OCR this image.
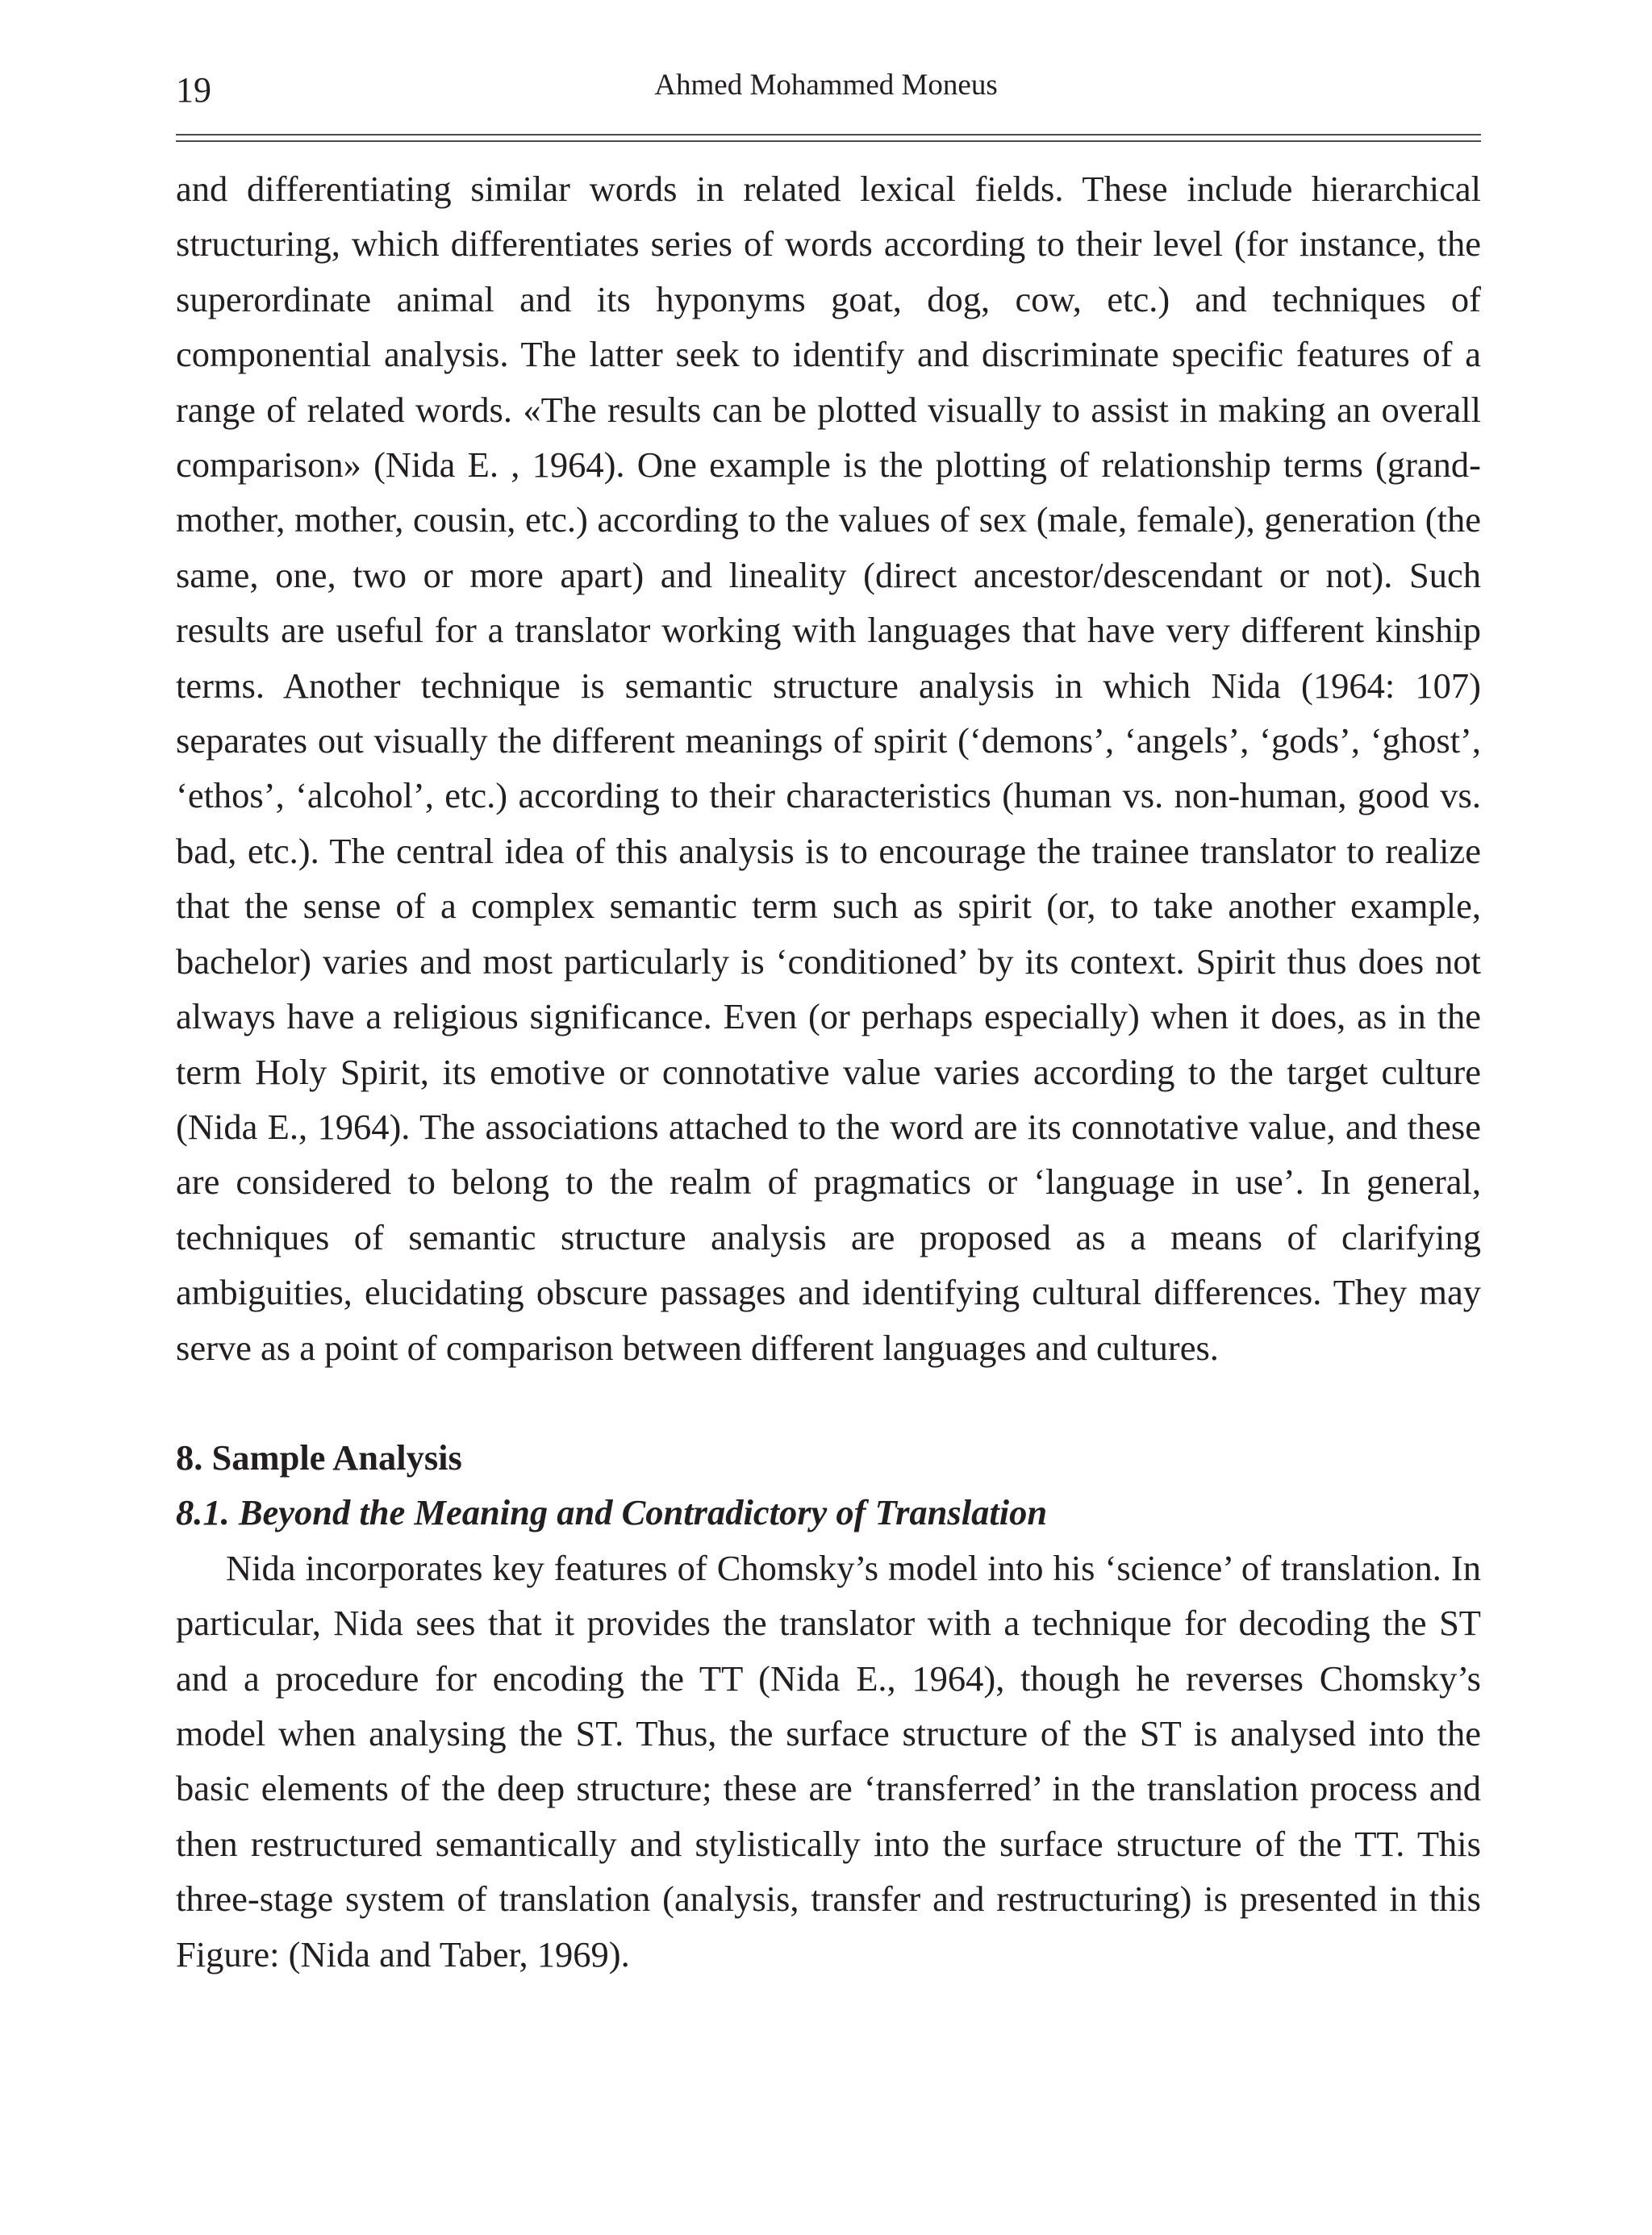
19	Ahmed Mohammed Moneus

and differentiating similar words in related lexical fields. These include hierarchical structuring, which differentiates series of words according to their level (for instance, the superordinate animal and its hyponyms goat, dog, cow, etc.) and techniques of componential analysis. The latter seek to identify and discriminate specific features of a range of related words. «The results can be plotted visually to assist in making an overall comparison» (Nida E. , 1964). One example is the plotting of relationship terms (grand-mother, mother, cousin, etc.) according to the values of sex (male, female), generation (the same, one, two or more apart) and lineality (direct ancestor/descendant or not). Such results are useful for a translator working with languages that have very different kinship terms. Another technique is semantic structure analysis in which Nida (1964: 107) separates out visually the different meanings of spirit (‘demons’, ‘angels’, ‘gods’, ‘ghost’, ‘ethos’, ‘alcohol’, etc.) according to their characteristics (human vs. non-human, good vs. bad, etc.). The central idea of this analysis is to encourage the trainee translator to realize that the sense of a complex semantic term such as spirit (or, to take another example, bachelor) varies and most particularly is ‘conditioned’ by its context. Spirit thus does not always have a religious significance. Even (or perhaps especially) when it does, as in the term Holy Spirit, its emotive or connotative value varies according to the target culture (Nida E., 1964). The associations attached to the word are its connotative value, and these are considered to belong to the realm of pragmatics or ‘language in use’. In general, techniques of semantic structure analysis are proposed as a means of clarifying ambiguities, elucidating obscure passages and identifying cultural differences. They may serve as a point of comparison between different languages and cultures.

8. Sample Analysis
8.1. Beyond the Meaning and Contradictory of Translation

Nida incorporates key features of Chomsky’s model into his ‘science’ of translation. In particular, Nida sees that it provides the translator with a technique for decoding the ST and a procedure for encoding the TT (Nida E., 1964), though he reverses Chomsky’s model when analysing the ST. Thus, the surface structure of the ST is analysed into the basic elements of the deep structure; these are ‘transferred’ in the translation process and then restructured semantically and stylistically into the surface structure of the TT. This three-stage system of translation (analysis, transfer and restructuring) is presented in this Figure: (Nida and Taber, 1969).
